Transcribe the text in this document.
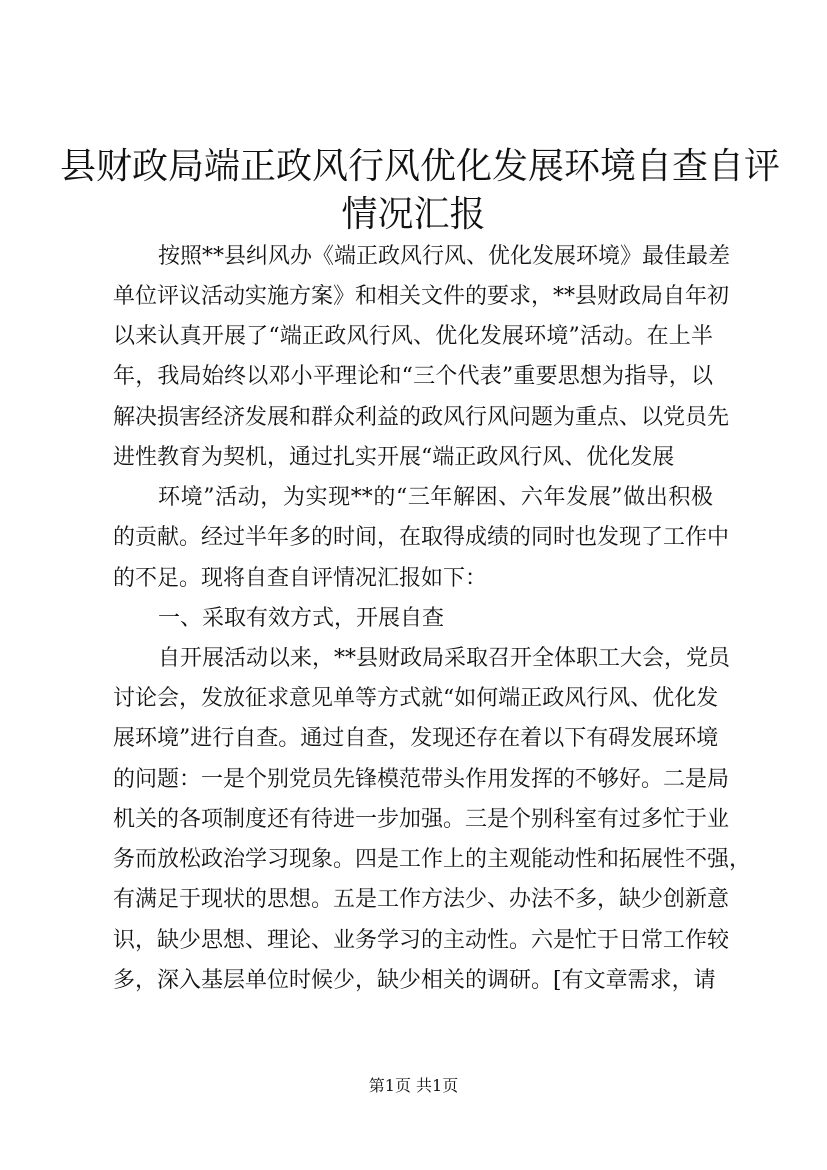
县财政局端正政风行风优化发展环境自查自评
情况汇报

按照**县纠风办《端正政风行风、优化发展环境》最佳最差

单位评议活动实施方案》和相关文件的要求，**县财政局自年初

以来认真开展了“端正政风行风、优化发展环境”活动。在上半

年，我局始终以邓小平理论和“三个代表”重要思想为指导，以

解决损害经济发展和群众利益的政风行风问题为重点、以党员先

进性教育为契机，通过扎实开展“端正政风行风、优化发展

环境”活动，为实现**的“三年解困、六年发展”做出积极

的贡献。经过半年多的时间，在取得成绩的同时也发现了工作中

的不足。现将自查自评情况汇报如下：

一、采取有效方式，开展自查

自开展活动以来，**县财政局采取召开全体职工大会，党员

讨论会，发放征求意见单等方式就“如何端正政风行风、优化发

展环境”进行自查。通过自查，发现还存在着以下有碍发展环境

的问题：一是个别党员先锋模范带头作用发挥的不够好。二是局

机关的各项制度还有待进一步加强。三是个别科室有过多忙于业

务而放松政治学习现象。四是工作上的主观能动性和拓展性不强，

有满足于现状的思想。五是工作方法少、办法不多，缺少创新意

识，缺少思想、理论、业务学习的主动性。六是忙于日常工作较

多，深入基层单位时候少，缺少相关的调研。[有文章需求，请

第1页 共1页
